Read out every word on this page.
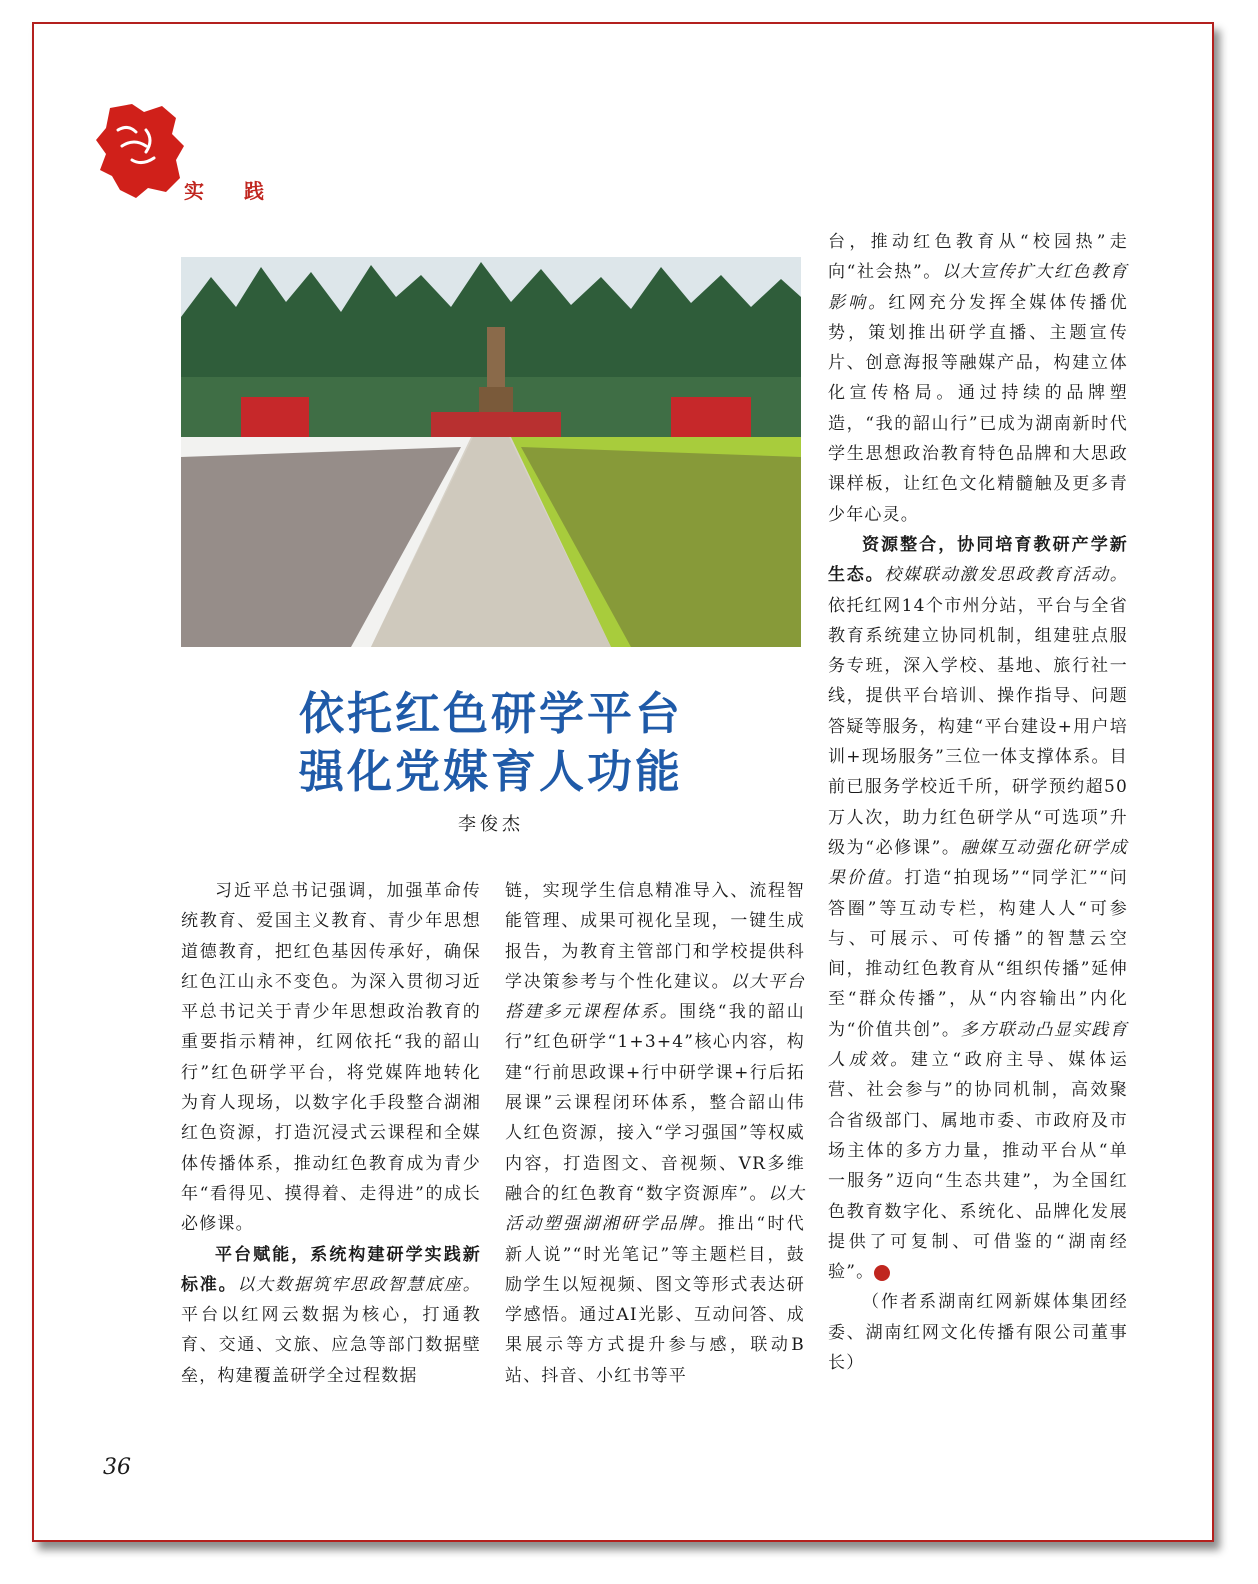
实践
依托红色研学平台
强化党媒育人功能
李俊杰

习近平总书记强调，加强革命传统教育、爱国主义教育、青少年思想道德教育，把红色基因传承好，确保红色江山永不变色。为深入贯彻习近平总书记关于青少年思想政治教育的重要指示精神，红网依托“我的韶山行”红色研学平台，将党媒阵地转化为育人现场，以数字化手段整合湖湘红色资源，打造沉浸式云课程和全媒体传播体系，推动红色教育成为青少年“看得见、摸得着、走得进”的成长必修课。

平台赋能，系统构建研学实践新标准。以大数据筑牢思政智慧底座。平台以红网云数据为核心，打通教育、交通、文旅、应急等部门数据壁垒，构建覆盖研学全过程数据

链，实现学生信息精准导入、流程智能管理、成果可视化呈现，一键生成报告，为教育主管部门和学校提供科学决策参考与个性化建议。以大平台搭建多元课程体系。围绕“我的韶山行”红色研学“1+3+4”核心内容，构建“行前思政课+行中研学课+行后拓展课”云课程闭环体系，整合韶山伟人红色资源，接入“学习强国”等权威内容，打造图文、音视频、VR多维融合的红色教育“数字资源库”。以大活动塑强湖湘研学品牌。推出“时代新人说”“时光笔记”等主题栏目，鼓励学生以短视频、图文等形式表达研学感悟。通过AI光影、互动问答、成果展示等方式提升参与感，联动B站、抖音、小红书等平

台，推动红色教育从“校园热”走向“社会热”。以大宣传扩大红色教育影响。红网充分发挥全媒体传播优势，策划推出研学直播、主题宣传片、创意海报等融媒产品，构建立体化宣传格局。通过持续的品牌塑造，“我的韶山行”已成为湖南新时代学生思想政治教育特色品牌和大思政课样板，让红色文化精髓触及更多青少年心灵。

资源整合，协同培育教研产学新生态。校媒联动激发思政教育活动。依托红网14个市州分站，平台与全省教育系统建立协同机制，组建驻点服务专班，深入学校、基地、旅行社一线，提供平台培训、操作指导、问题答疑等服务，构建“平台建设+用户培训+现场服务”三位一体支撑体系。目前已服务学校近千所，研学预约超50万人次，助力红色研学从“可选项”升级为“必修课”。融媒互动强化研学成果价值。打造“拍现场”“同学汇”“问答圈”等互动专栏，构建人人“可参与、可展示、可传播”的智慧云空间，推动红色教育从“组织传播”延伸至“群众传播”，从“内容输出”内化为“价值共创”。多方联动凸显实践育人成效。建立“政府主导、媒体运营、社会参与”的协同机制，高效聚合省级部门、属地市委、市政府及市场主体的多方力量，推动平台从“单一服务”迈向“生态共建”，为全国红色教育数字化、系统化、品牌化发展提供了可复制、可借鉴的“湖南经验”。

（作者系湖南红网新媒体集团经委、湖南红网文化传播有限公司董事长）

36
